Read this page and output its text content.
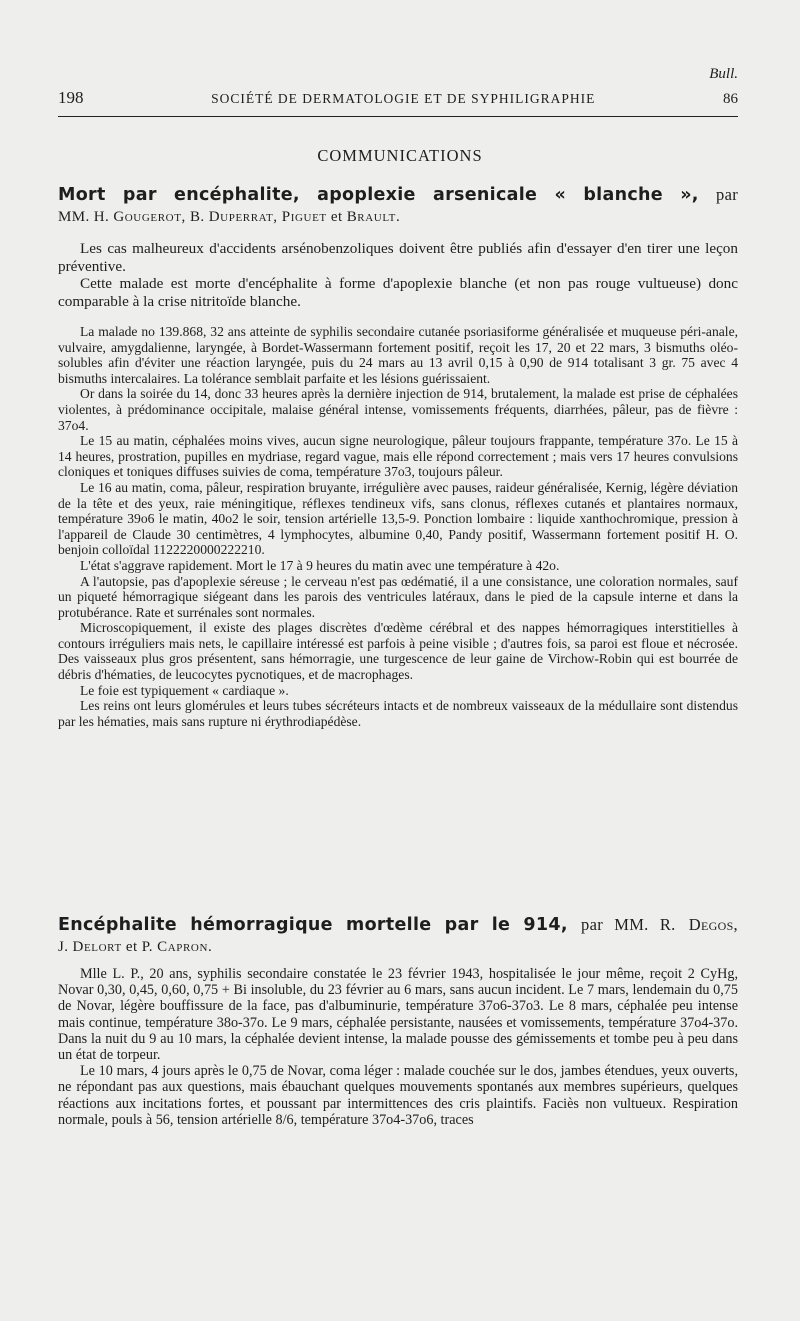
Bull.
198	SOCIÉTÉ DE DERMATOLOGIE ET DE SYPHILIGRAPHIE	86
COMMUNICATIONS
Mort par encéphalite, apoplexie arsenicale « blanche », par
MM. H. Gougerot, B. Duperrat, Piguet et Brault.

Les cas malheureux d'accidents arsénobenzoliques doivent être publiés afin d'essayer d'en tirer une leçon préventive.

Cette malade est morte d'encéphalite à forme d'apoplexie blanche (et non pas rouge vultueuse) donc comparable à la crise nitritoïde blanche.

La malade no 139.868, 32 ans atteinte de syphilis secondaire cutanée psoriasiforme généralisée et muqueuse péri-anale, vulvaire, amygdalienne, laryngée, à Bordet-Wassermann fortement positif, reçoit les 17, 20 et 22 mars, 3 bismuths oléo-solubles afin d'éviter une réaction laryngée, puis du 24 mars au 13 avril 0,15 à 0,90 de 914 totalisant 3 gr. 75 avec 4 bismuths intercalaires. La tolérance semblait parfaite et les lésions guérissaient.

Or dans la soirée du 14, donc 33 heures après la dernière injection de 914, brutalement, la malade est prise de céphalées violentes, à prédominance occipitale, malaise général intense, vomissements fréquents, diarrhées, pâleur, pas de fièvre : 37o4.

Le 15 au matin, céphalées moins vives, aucun signe neurologique, pâleur toujours frappante, température 37o. Le 15 à 14 heures, prostration, pupilles en mydriase, regard vague, mais elle répond correctement ; mais vers 17 heures convulsions cloniques et toniques diffuses suivies de coma, température 37o3, toujours pâleur.

Le 16 au matin, coma, pâleur, respiration bruyante, irrégulière avec pauses, raideur généralisée, Kernig, légère déviation de la tête et des yeux, raie méningitique, réflexes tendineux vifs, sans clonus, réflexes cutanés et plantaires normaux, température 39o6 le matin, 40o2 le soir, tension artérielle 13,5-9. Ponction lombaire : liquide xanthochromique, pression à l'appareil de Claude 30 centimètres, 4 lymphocytes, albumine 0,40, Pandy positif, Wassermann fortement positif H. O. benjoin colloïdal 1122220000222210.

L'état s'aggrave rapidement. Mort le 17 à 9 heures du matin avec une température à 42o.

A l'autopsie, pas d'apoplexie séreuse ; le cerveau n'est pas œdématié, il a une consistance, une coloration normales, sauf un piqueté hémorragique siégeant dans les parois des ventricules latéraux, dans le pied de la capsule interne et dans la protubérance. Rate et surrénales sont normales.

Microscopiquement, il existe des plages discrètes d'œdème cérébral et des nappes hémorragiques interstitielles à contours irréguliers mais nets, le capillaire intéressé est parfois à peine visible ; d'autres fois, sa paroi est floue et nécrosée. Des vaisseaux plus gros présentent, sans hémorragie, une turgescence de leur gaine de Virchow-Robin qui est bourrée de débris d'hématies, de leucocytes pycnotiques, et de macrophages.

Le foie est typiquement « cardiaque ».

Les reins ont leurs glomérules et leurs tubes sécréteurs intacts et de nombreux vaisseaux de la médullaire sont distendus par les hématies, mais sans rupture ni érythrodiapédèse.

Encéphalite hémorragique mortelle par le 914, par MM. R. Degos,
J. Delort et P. Capron.

Mlle L. P., 20 ans, syphilis secondaire constatée le 23 février 1943, hospitalisée le jour même, reçoit 2 CyHg, Novar 0,30, 0,45, 0,60, 0,75 + Bi insoluble, du 23 février au 6 mars, sans aucun incident. Le 7 mars, lendemain du 0,75 de Novar, légère bouffissure de la face, pas d'albuminurie, température 37o6-37o3. Le 8 mars, céphalée peu intense mais continue, température 38o-37o. Le 9 mars, céphalée persistante, nausées et vomissements, température 37o4-37o. Dans la nuit du 9 au 10 mars, la céphalée devient intense, la malade pousse des gémissements et tombe peu à peu dans un état de torpeur.

Le 10 mars, 4 jours après le 0,75 de Novar, coma léger : malade couchée sur le dos, jambes étendues, yeux ouverts, ne répondant pas aux questions, mais ébauchant quelques mouvements spontanés aux membres supérieurs, quelques réactions aux incitations fortes, et poussant par intermittences des cris plaintifs. Faciès non vultueux. Respiration normale, pouls à 56, tension artérielle 8/6, température 37o4-37o6, traces
